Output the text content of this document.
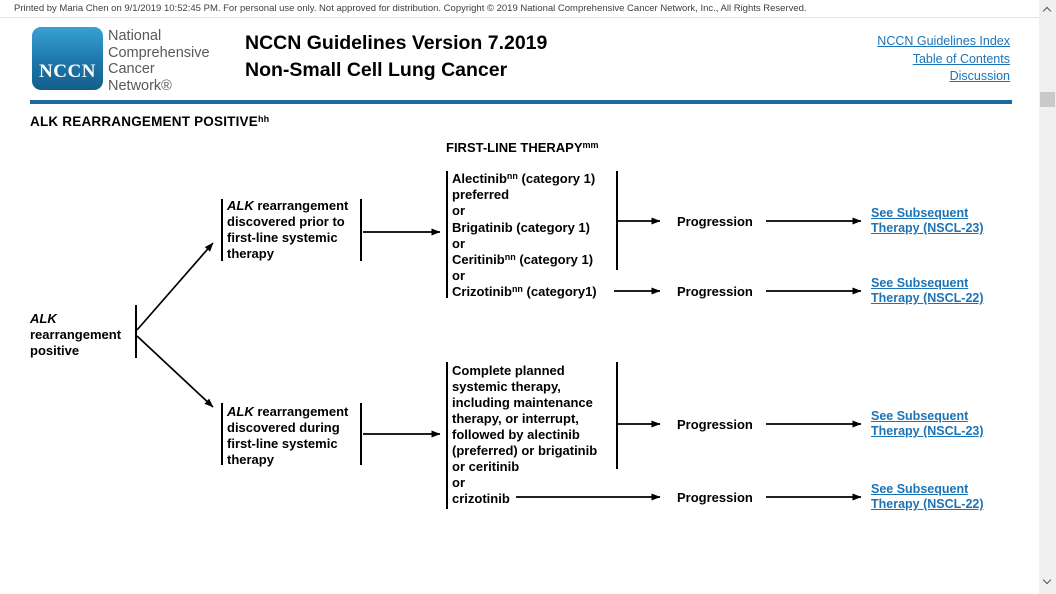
Printed by Maria Chen on 9/1/2019 10:52:45 PM. For personal use only. Not approved for distribution. Copyright © 2019 National Comprehensive Cancer Network, Inc., All Rights Reserved.
NCCN
National
Comprehensive
Cancer
Network®
NCCN Guidelines Version 7.2019
Non-Small Cell Lung Cancer
NCCN Guidelines Index
Table of Contents
Discussion
ALK REARRANGEMENT POSITIVE$^{hh}$
FIRST-LINE THERAPY$^{mm}$
ALK
rearrangement
positive
ALK rearrangement
discovered prior to
first-line systemic
therapy
ALK rearrangement
discovered during
first-line systemic
therapy
Alectinib$^{nn}$ (category 1)
preferred
or
Brigatinib (category 1)
or
Ceritinib$^{nn}$ (category 1)
or
Crizotinib$^{nn}$ (category1)
Complete planned
systemic therapy,
including maintenance
therapy, or interrupt,
followed by alectinib
(preferred) or brigatinib
or ceritinib
or
crizotinib
Progression
Progression
Progression
Progression
See Subsequent
Therapy (NSCL-23)
See Subsequent
Therapy (NSCL-22)
See Subsequent
Therapy (NSCL-23)
See Subsequent
Therapy (NSCL-22)
